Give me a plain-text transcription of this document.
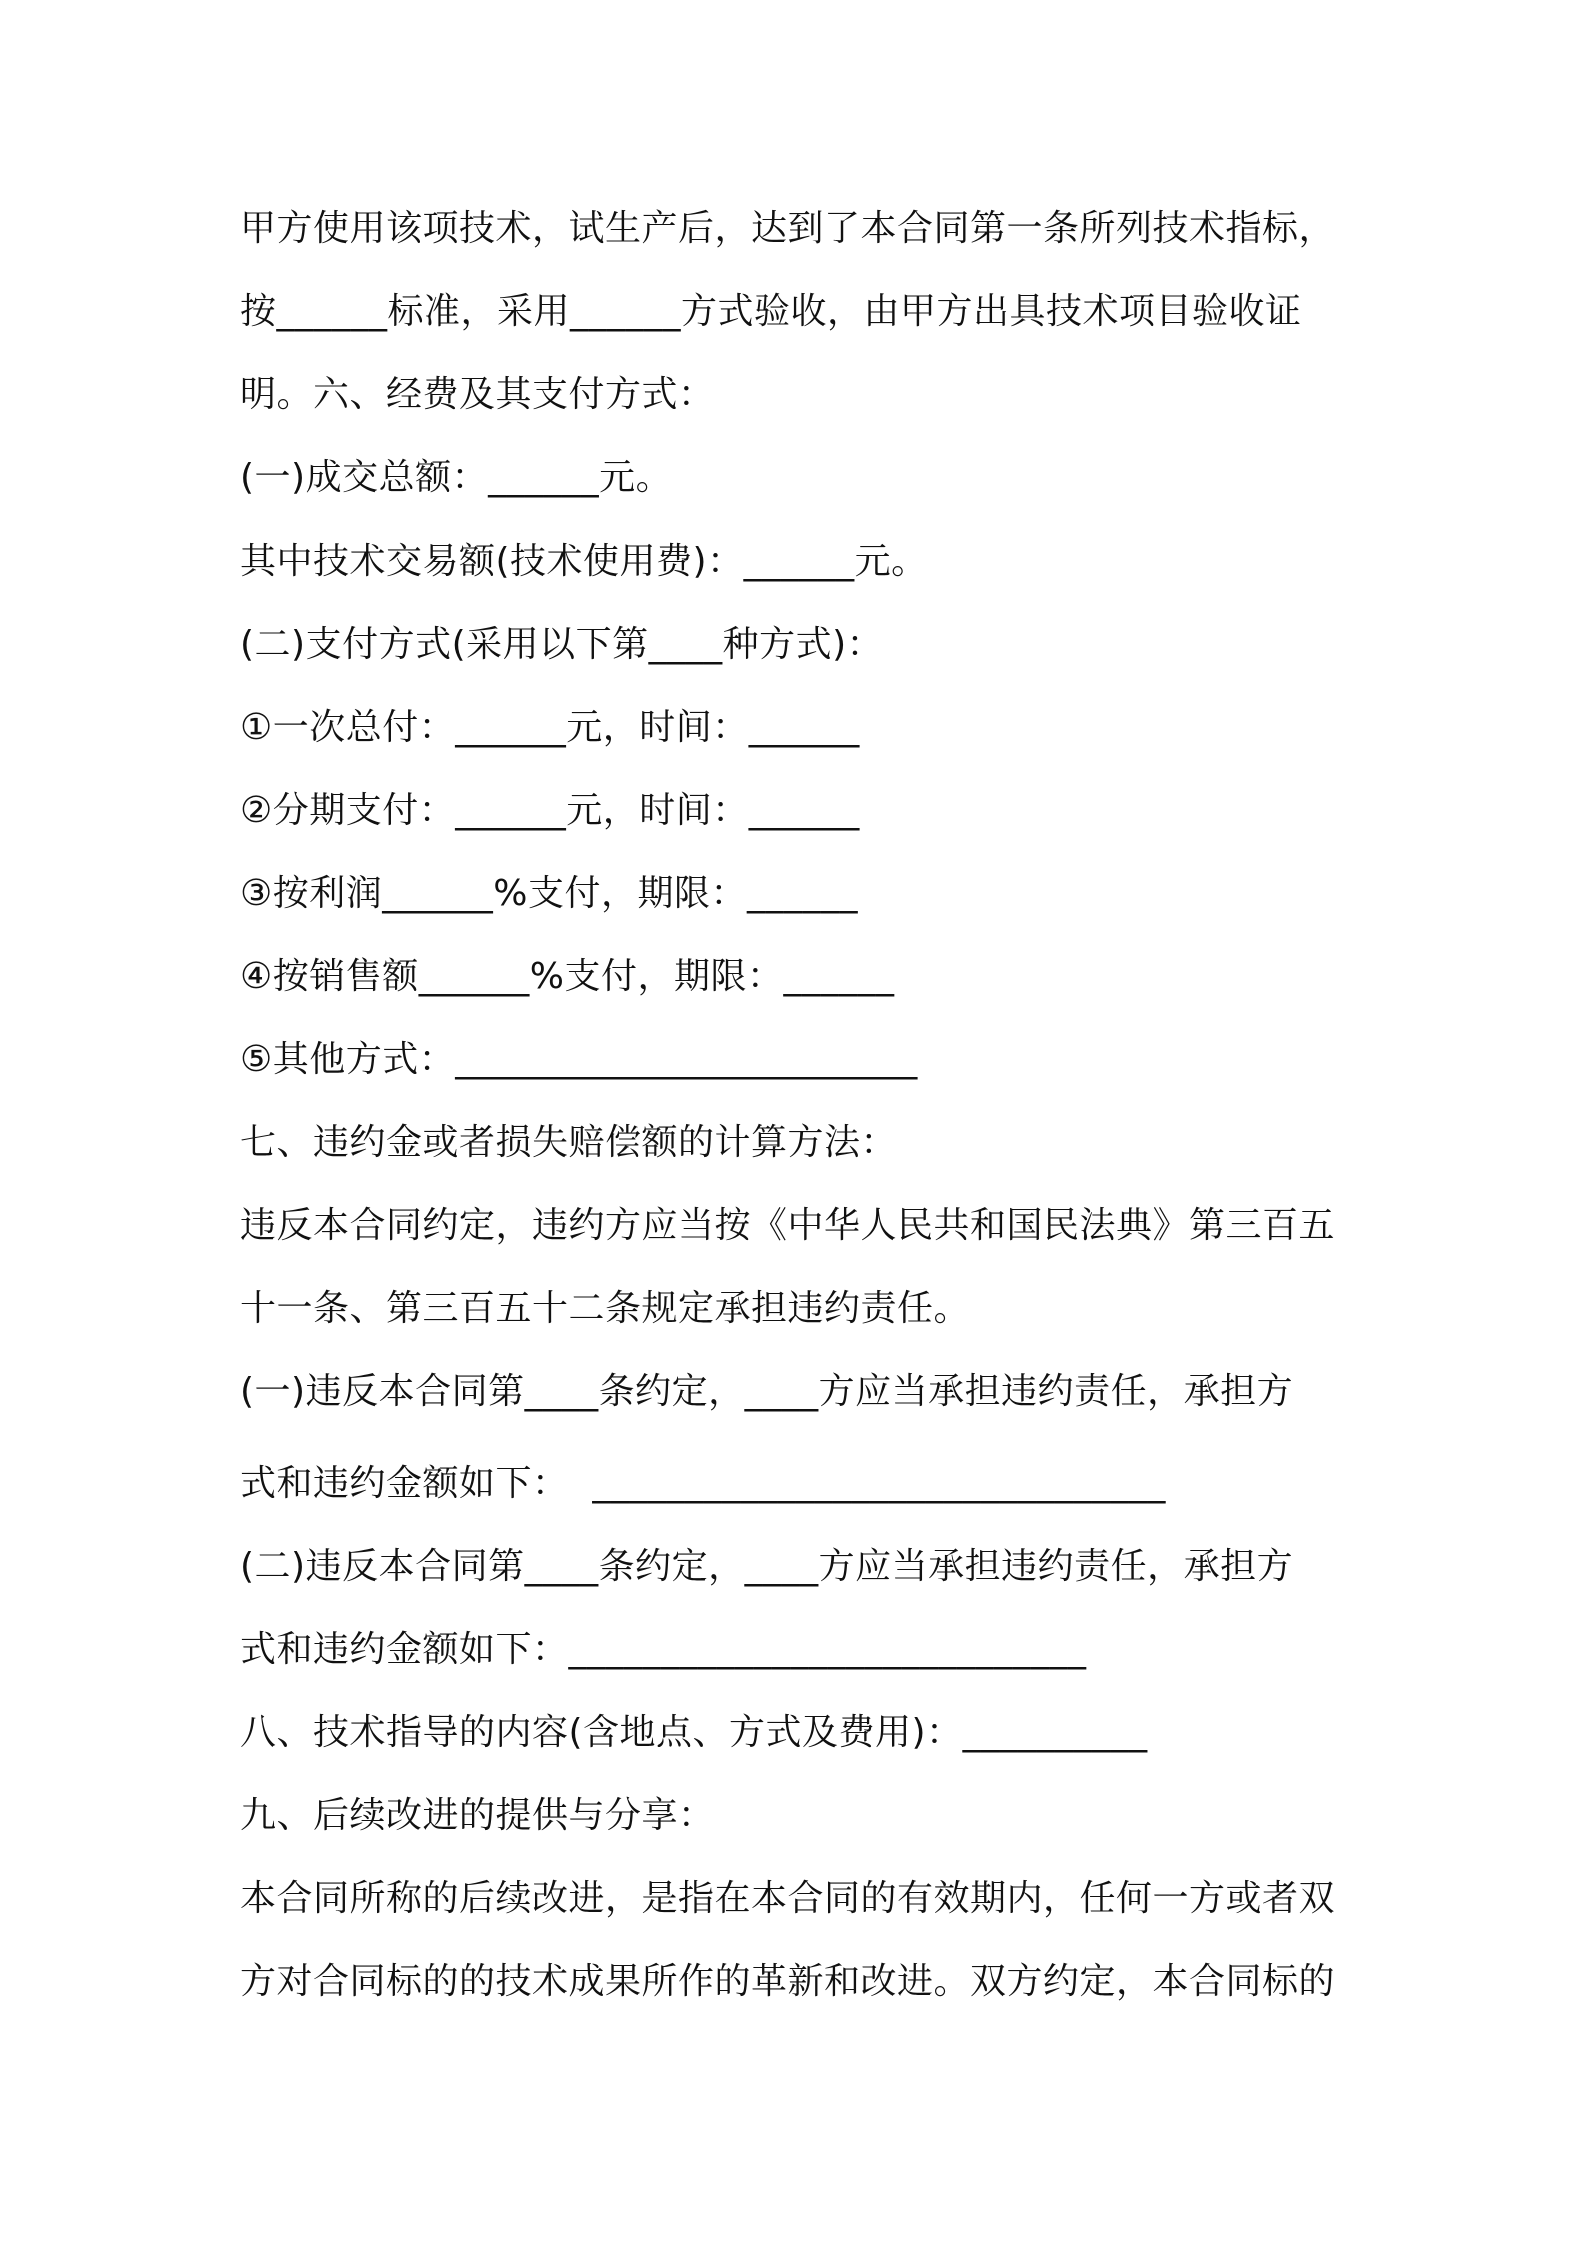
甲方使用该项技术，试生产后，达到了本合同第一条所列技术指标，
按______标准，采用______方式验收，由甲方出具技术项目验收证
明。六、经费及其支付方式：
(一)成交总额：______元。
其中技术交易额(技术使用费)：______元。
(二)支付方式(采用以下第____种方式)：
①一次总付：______元，时间：______
②分期支付：______元，时间：______
③按利润______%支付，期限：______
④按销售额______%支付，期限：______
⑤其他方式：_________________________
七、违约金或者损失赔偿额的计算方法：
违反本合同约定，违约方应当按《中华人民共和国民法典》第三百五
十一条、第三百五十二条规定承担违约责任。
(一)违反本合同第____条约定，____方应当承担违约责任，承担方
式和违约金额如下：  _______________________________
(二)违反本合同第____条约定，____方应当承担违约责任，承担方
式和违约金额如下：____________________________
八、技术指导的内容(含地点、方式及费用)：__________
九、后续改进的提供与分享：
本合同所称的后续改进，是指在本合同的有效期内，任何一方或者双
方对合同标的的技术成果所作的革新和改进。双方约定，本合同标的
